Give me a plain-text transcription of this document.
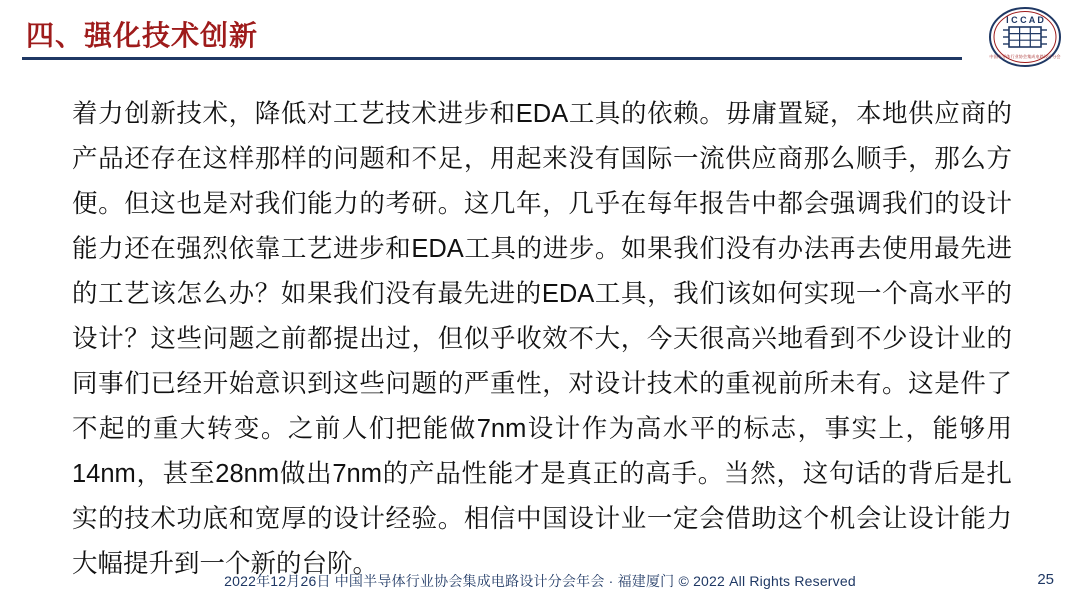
四、强化技术创新	I C C A D
中国半导体行业协会集成电路设计分会

着力创新技术，降低对工艺技术进步和EDA工具的依赖。毋庸置疑，本地供应商的产品还存在这样那样的问题和不足，用起来没有国际一流供应商那么顺手，那么方便。但这也是对我们能力的考研。这几年，几乎在每年报告中都会强调我们的设计能力还在强烈依靠工艺进步和EDA工具的进步。如果我们没有办法再去使用最先进的工艺该怎么办？如果我们没有最先进的EDA工具，我们该如何实现一个高水平的设计？这些问题之前都提出过，但似乎收效不大，今天很高兴地看到不少设计业的同事们已经开始意识到这些问题的严重性，对设计技术的重视前所未有。这是件了不起的重大转变。之前人们把能做7nm设计作为高水平的标志，事实上，能够用14nm，甚至28nm做出7nm的产品性能才是真正的高手。当然，这句话的背后是扎实的技术功底和宽厚的设计经验。相信中国设计业一定会借助这个机会让设计能力大幅提升到一个新的台阶。

2022年12月26日 中国半导体行业协会集成电路设计分会年会 · 福建厦门 © 2022 All Rights Reserved	25
